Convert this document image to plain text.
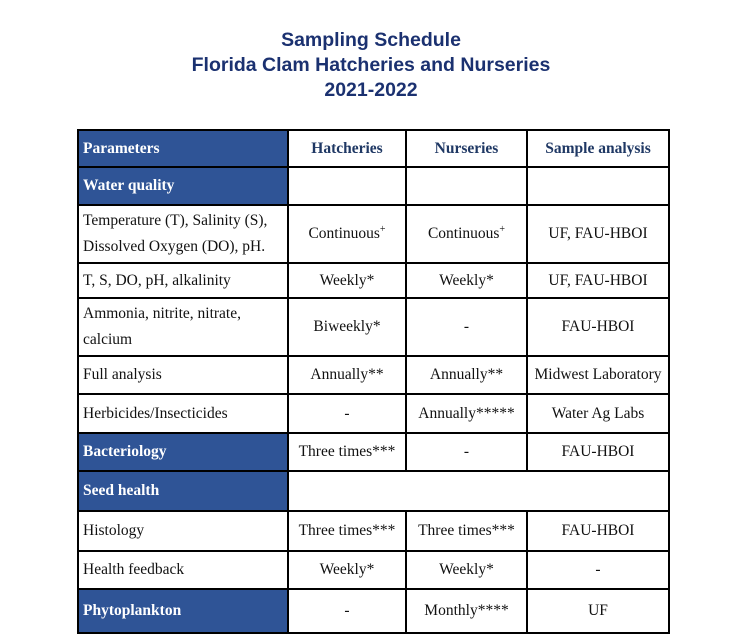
Sampling Schedule
Florida Clam Hatcheries and Nurseries
2021-2022
Parameters	Hatcheries	Nurseries	Sample analysis
Water quality			
Temperature (T), Salinity (S), Dissolved Oxygen (DO), pH.	Continuous+	Continuous+	UF, FAU-HBOI
T, S, DO, pH, alkalinity	Weekly*	Weekly*	UF, FAU-HBOI
Ammonia, nitrite, nitrate, calcium	Biweekly*	-	FAU-HBOI
Full analysis	Annually**	Annually**	Midwest Laboratory
Herbicides/Insecticides	-	Annually*****	Water Ag Labs
Bacteriology	Three times***	-	FAU-HBOI
Seed health			
Histology	Three times***	Three times***	FAU-HBOI
Health feedback	Weekly*	Weekly*	-
Phytoplankton	-	Monthly****	UF
